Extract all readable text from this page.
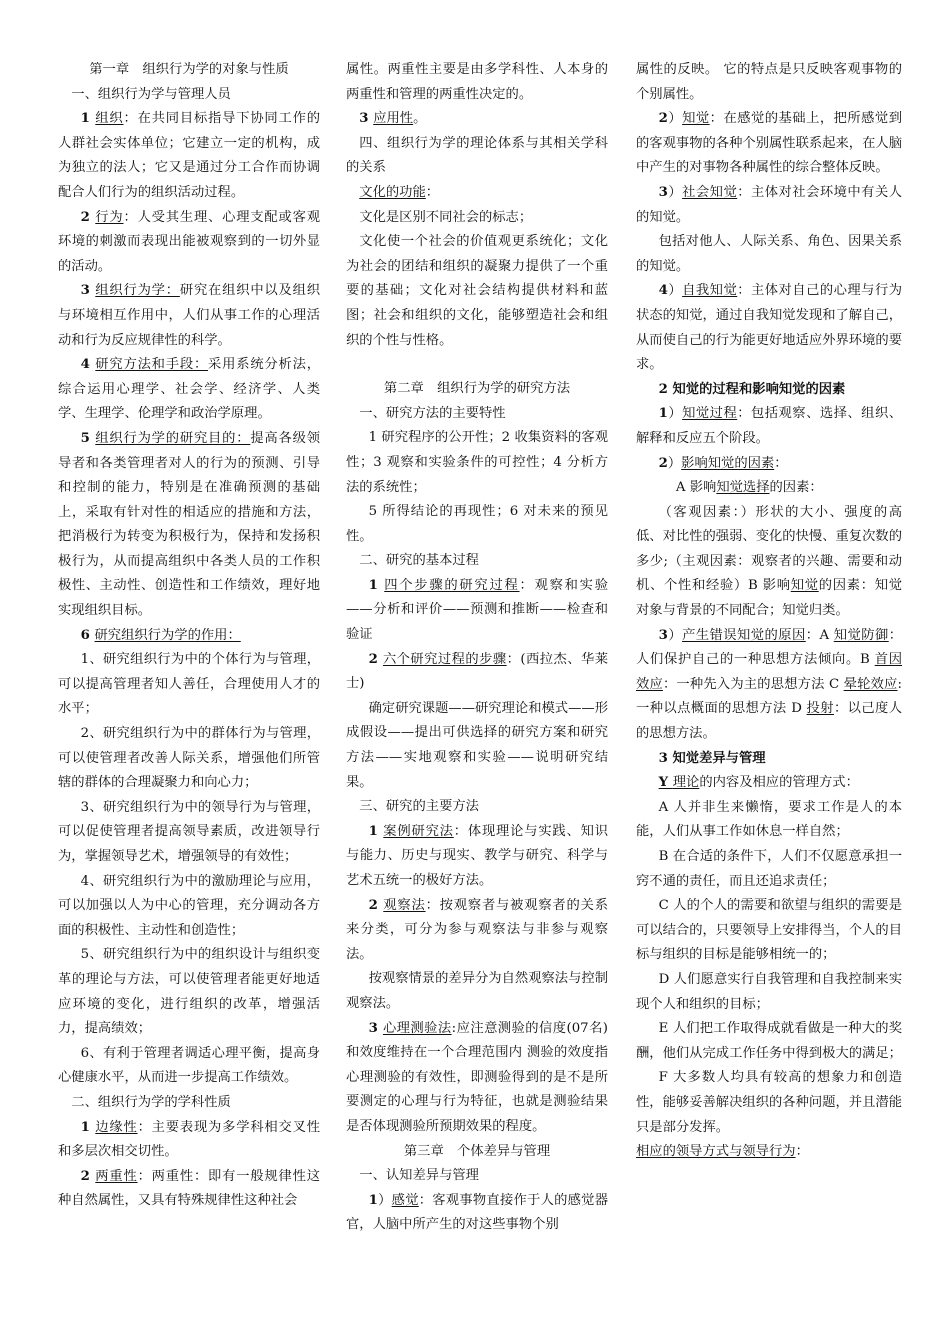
第一章　组织行为学的对象与性质

一、组织行为学与管理人员

1 组织：在共同目标指导下协同工作的人群社会实体单位；它建立一定的机构，成为独立的法人；它又是通过分工合作而协调配合人们行为的组织活动过程。

2 行为：人受其生理、心理支配或客观环境的刺激而表现出能被观察到的一切外显的活动。

3 组织行为学：研究在组织中以及组织与环境相互作用中，人们从事工作的心理活动和行为反应规律性的科学。

4 研究方法和手段：采用系统分析法，综合运用心理学、社会学、经济学、人类学、生理学、伦理学和政治学原理。

5 组织行为学的研究目的：提高各级领导者和各类管理者对人的行为的预测、引导和控制的能力，特别是在准确预测的基础上，采取有针对性的相适应的措施和方法，把消极行为转变为积极行为，保持和发扬积极行为，从而提高组织中各类人员的工作积极性、主动性、创造性和工作绩效，理好地实现组织目标。

6 研究组织行为学的作用：

1、研究组织行为中的个体行为与管理，可以提高管理者知人善任，合理使用人才的水平；

2、研究组织行为中的群体行为与管理，可以使管理者改善人际关系，增强他们所管辖的群体的合理凝聚力和向心力；

3、研究组织行为中的领导行为与管理，可以促使管理者提高领导素质，改进领导行为，掌握领导艺术，增强领导的有效性；

4、研究组织行为中的激励理论与应用，可以加强以人为中心的管理，充分调动各方面的积极性、主动性和创造性；

5、研究组织行为中的组织设计与组织变革的理论与方法，可以使管理者能更好地适应环境的变化，进行组织的改革，增强活力，提高绩效；

6、有利于管理者调适心理平衡，提高身心健康水平，从而进一步提高工作绩效。

二、组织行为学的学科性质

1 边缘性：主要表现为多学科相交叉性和多层次相交切性。

2 两重性：两重性：即有一般规律性这种自然属性，又具有特殊规律性这种社会

属性。两重性主要是由多学科性、人本身的两重性和管理的两重性决定的。

3 应用性。

四、组织行为学的理论体系与其相关学科的关系

文化的功能：

文化是区别不同社会的标志；

文化使一个社会的价值观更系统化；文化为社会的团结和组织的凝聚力提供了一个重要的基础；文化对社会结构提供材料和蓝图；社会和组织的文化，能够塑造社会和组织的个性与性格。

第二章　组织行为学的研究方法

一、研究方法的主要特性

1 研究程序的公开性；2 收集资料的客观性；3 观察和实验条件的可控性；4 分析方法的系统性；

5 所得结论的再现性；6 对未来的预见性。

二、研究的基本过程

1 四个步骤的研究过程：观察和实验——分析和评价——预测和推断——检查和验证

2 六个研究过程的步骤：(西拉杰、华莱士)

确定研究课题——研究理论和模式——形成假设——提出可供选择的研究方案和研究方法——实地观察和实验——说明研究结果。

三、研究的主要方法

1 案例研究法：体现理论与实践、知识与能力、历史与现实、教学与研究、科学与艺术五统一的极好方法。

2 观察法：按观察者与被观察者的关系来分类，可分为参与观察法与非参与观察法。

按观察情景的差异分为自然观察法与控制观察法。

3 心理测验法:应注意测验的信度(07名)和效度维持在一个合理范围内 测验的效度指心理测验的有效性，即测验得到的是不是所要测定的心理与行为特征，也就是测验结果是否体现测验所预期效果的程度。

第三章　个体差异与管理

一、认知差异与管理

1）感觉：客观事物直接作于人的感觉器官，人脑中所产生的对这些事物个别

属性的反映。 它的特点是只反映客观事物的个别属性。

2）知觉：在感觉的基础上，把所感觉到的客观事物的各种个别属性联系起来，在人脑中产生的对事物各种属性的综合整体反映。

3）社会知觉：主体对社会环境中有关人的知觉。

包括对他人、人际关系、角色、因果关系的知觉。

4）自我知觉：主体对自己的心理与行为状态的知觉，通过自我知觉发现和了解自己，从而使自己的行为能更好地适应外界环境的要求。

2 知觉的过程和影响知觉的因素

1）知觉过程：包括观察、选择、组织、解释和反应五个阶段。

2）影响知觉的因素：

A 影响知觉选择的因素：

（客观因素：）形状的大小、强度的高低、对比性的强弱、变化的快慢、重复次数的多少;（主观因素：观察者的兴趣、需要和动机、个性和经验）B 影响知觉的因素：知觉对象与背景的不同配合；知觉归类。

3）产生错误知觉的原因：A 知觉防御：人们保护自己的一种思想方法倾向。B 首因效应：一种先入为主的思想方法 C 晕轮效应:一种以点概面的思想方法 D 投射：以己度人的思想方法。

3 知觉差异与管理

Y 理论的内容及相应的管理方式：

A 人并非生来懒惰，要求工作是人的本能，人们从事工作如休息一样自然；

B 在合适的条件下，人们不仅愿意承担一窍不通的责任，而且还追求责任；

C 人的个人的需要和欲望与组织的需要是可以结合的，只要领导上安排得当，个人的目标与组织的目标是能够相统一的；

D 人们愿意实行自我管理和自我控制来实现个人和组织的目标；

E 人们把工作取得成就看做是一种大的奖酬，他们从完成工作任务中得到极大的满足；

F 大多数人均具有较高的想象力和创造性，能够妥善解决组织的各种问题，并且潜能只是部分发挥。

相应的领导方式与领导行为：
